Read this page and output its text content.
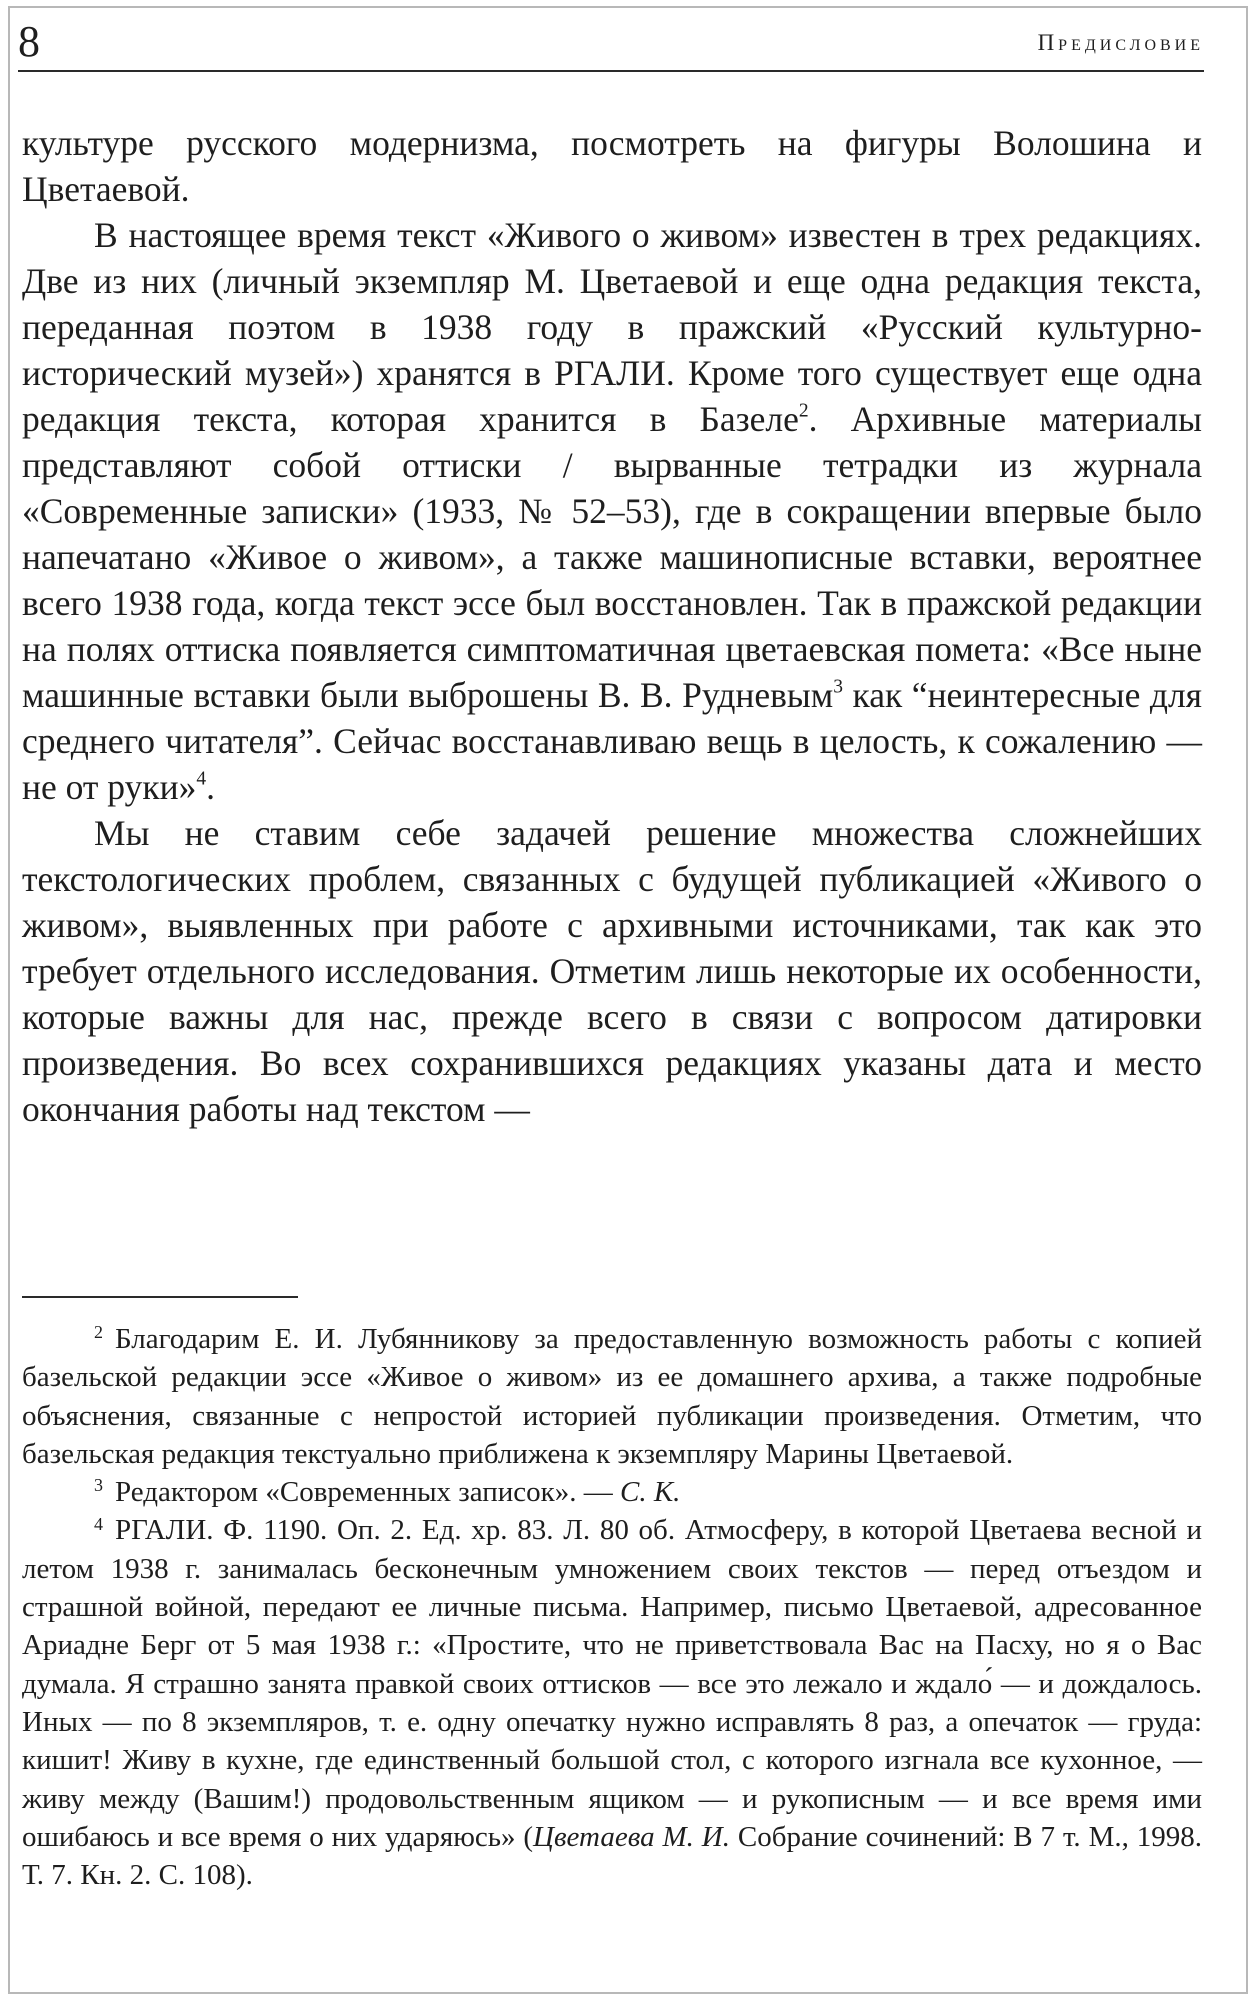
8	Предисловие

культуре русского модернизма, посмотреть на фигуры Волошина и Цветаевой.

В настоящее время текст «Живого о живом» известен в трех редакциях. Две из них (личный экземпляр М. Цветаевой и еще одна редакция текста, переданная поэтом в 1938 году в пражский «Русский культурно-исторический музей») хранятся в РГАЛИ. Кроме того существует еще одна редакция текста, которая хранится в Базеле$^2$. Архивные материалы представляют собой оттиски / вырванные тетрадки из журнала «Современные записки» (1933, № 52–53), где в сокращении впервые было напечатано «Живое о живом», а также машинописные вставки, вероятнее всего 1938 года, когда текст эссе был восстановлен. Так в пражской редакции на полях оттиска появляется симптоматичная цветаевская помета: «Все ныне машинные вставки были выброшены В. В. Рудневым$^3$ как “неинтересные для среднего читателя”. Сейчас восстанавливаю вещь в целость, к сожалению — не от руки»$^4$.

Мы не ставим себе задачей решение множества сложнейших текстологических проблем, связанных с будущей публикацией «Живого о живом», выявленных при работе с архивными источниками, так как это требует отдельного исследования. Отметим лишь некоторые их особенности, которые важны для нас, прежде всего в связи с вопросом датировки произведения. Во всех сохранившихся редакциях указаны дата и место окончания работы над текстом —

$^2$ Благодарим Е. И. Лубянникову за предоставленную возможность работы с копией базельской редакции эссе «Живое о живом» из ее домашнего архива, а также подробные объяснения, связанные с непростой историей публикации произведения. Отметим, что базельская редакция текстуально приближена к экземпляру Марины Цветаевой.

$^3$ Редактором «Современных записок». — С. К.

$^4$ РГАЛИ. Ф. 1190. Оп. 2. Ед. хр. 83. Л. 80 об. Атмосферу, в которой Цветаева весной и летом 1938 г. занималась бесконечным умножением своих текстов — перед отъездом и страшной войной, передают ее личные письма. Например, письмо Цветаевой, адресованное Ариадне Берг от 5 мая 1938 г.: «Простите, что не приветствовала Вас на Пасху, но я о Вас думала. Я страшно занята правкой своих оттисков — все это лежало и ждало́ — и дождалось. Иных — по 8 экземпляров, т. е. одну опечатку нужно исправлять 8 раз, а опечаток — груда: кишит! Живу в кухне, где единственный большой стол, с которого изгнала все кухонное, — живу между (Вашим!) продовольственным ящиком — и рукописным — и все время ими ошибаюсь и все время о них ударяюсь» (Цветаева М. И. Собрание сочинений: В 7 т. М., 1998. Т. 7. Кн. 2. С. 108).
